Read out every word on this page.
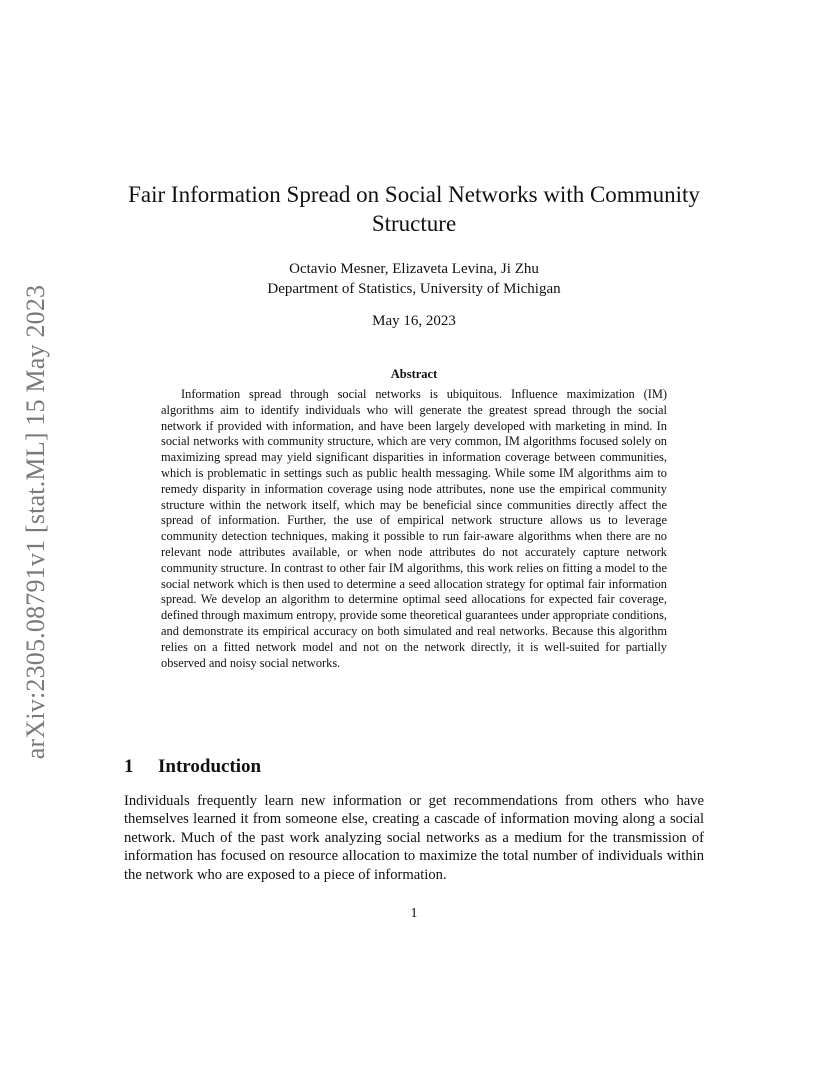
arXiv:2305.08791v1 [stat.ML] 15 May 2023
Fair Information Spread on Social Networks with Community Structure
Octavio Mesner, Elizaveta Levina, Ji Zhu
Department of Statistics, University of Michigan
May 16, 2023
Abstract

Information spread through social networks is ubiquitous. Influence maximization (IM) algorithms aim to identify individuals who will generate the greatest spread through the social network if provided with information, and have been largely developed with marketing in mind. In social networks with community structure, which are very common, IM algorithms focused solely on maximizing spread may yield significant disparities in information coverage between communities, which is problematic in settings such as public health messaging. While some IM algorithms aim to remedy disparity in information coverage using node attributes, none use the empirical community structure within the network itself, which may be beneficial since communities directly affect the spread of information. Further, the use of empirical network structure allows us to leverage community detection techniques, making it possible to run fair-aware algorithms when there are no relevant node attributes available, or when node attributes do not accurately capture network community structure. In contrast to other fair IM algorithms, this work relies on fitting a model to the social network which is then used to determine a seed allocation strategy for optimal fair information spread. We develop an algorithm to determine optimal seed allocations for expected fair coverage, defined through maximum entropy, provide some theoretical guarantees under appropriate conditions, and demonstrate its empirical accuracy on both simulated and real networks. Because this algorithm relies on a fitted network model and not on the network directly, it is well-suited for partially observed and noisy social networks.

1 Introduction

Individuals frequently learn new information or get recommendations from others who have themselves learned it from someone else, creating a cascade of information moving along a social network. Much of the past work analyzing social networks as a medium for the transmission of information has focused on resource allocation to maximize the total number of individuals within the network who are exposed to a piece of information.

1
